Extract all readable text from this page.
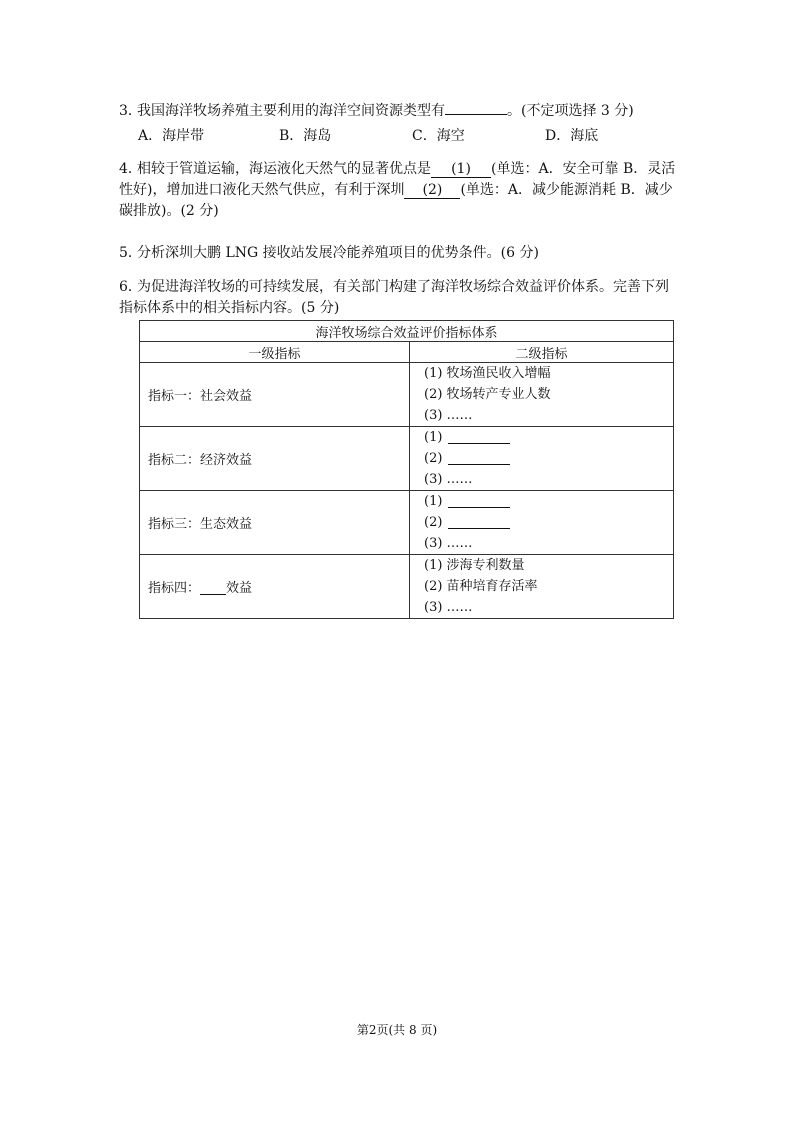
3．我国海洋牧场养殖主要利用的海洋空间资源类型有	。(不定项选择 3 分)
A．海岸带	B．海岛	C．海空	D．海底
4．相较于管道运输，海运液化天然气的显著优点是 (1) (单选：A．安全可靠 B．灵活性好)，增加进口液化天然气供应，有利于深圳 (2) (单选：A．减少能源消耗 B．减少碳排放)。(2 分)
5．分析深圳大鹏 LNG 接收站发展冷能养殖项目的优势条件。(6 分)
6．为促进海洋牧场的可持续发展，有关部门构建了海洋牧场综合效益评价体系。完善下列指标体系中的相关指标内容。(5 分)
海洋牧场综合效益评价指标体系	
一级指标	二级指标
指标一：社会效益	(1) 牧场渔民收入增幅
(2) 牧场转产专业人数
(3) ……

指标二：经济效益	(1)
(2)
(3) ……

指标三：生态效益	(1)
(2)
(3) ……

指标四： 效益	(1) 涉海专利数量
(2) 苗种培育存活率
(3) ……
第2页(共 8 页)
